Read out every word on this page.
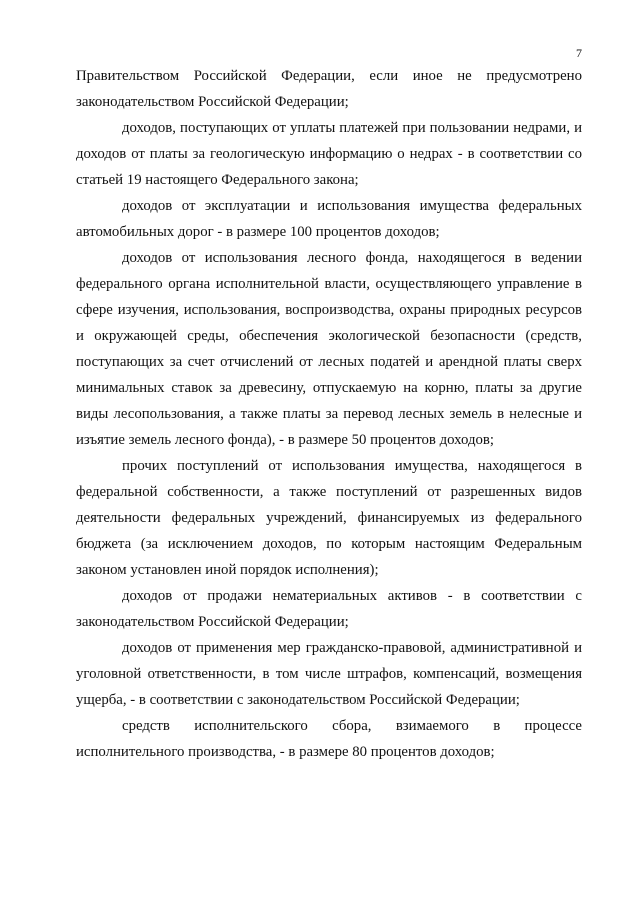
7

Правительством Российской Федерации, если иное не предусмотрено законодательством Российской Федерации;

доходов, поступающих от уплаты платежей при пользовании недрами, и доходов от платы за геологическую информацию о недрах - в соответствии со статьей 19 настоящего Федерального закона;

доходов от эксплуатации и использования имущества федеральных автомобильных дорог - в размере 100 процентов доходов;

доходов от использования лесного фонда, находящегося в ведении федерального органа исполнительной власти, осуществляющего управление в сфере изучения, использования, воспроизводства, охраны природных ресурсов и окружающей среды, обеспечения экологической безопасности (средств, поступающих за счет отчислений от лесных податей и арендной платы сверх минимальных ставок за древесину, отпускаемую на корню, платы за другие виды лесопользования, а также платы за перевод лесных земель в нелесные и изъятие земель лесного фонда), - в размере 50 процентов доходов;

прочих поступлений от использования имущества, находящегося в федеральной собственности, а также поступлений от разрешенных видов деятельности федеральных учреждений, финансируемых из федерального бюджета (за исключением доходов, по которым настоящим Федеральным законом установлен иной порядок исполнения);

доходов от продажи нематериальных активов - в соответствии с законодательством Российской Федерации;

доходов от применения мер гражданско-правовой, административной и уголовной ответственности, в том числе штрафов, компенсаций, возмещения ущерба, - в соответствии с законодательством Российской Федерации;

средств исполнительского сбора, взимаемого в процессе исполнительного производства, - в размере 80 процентов доходов;
